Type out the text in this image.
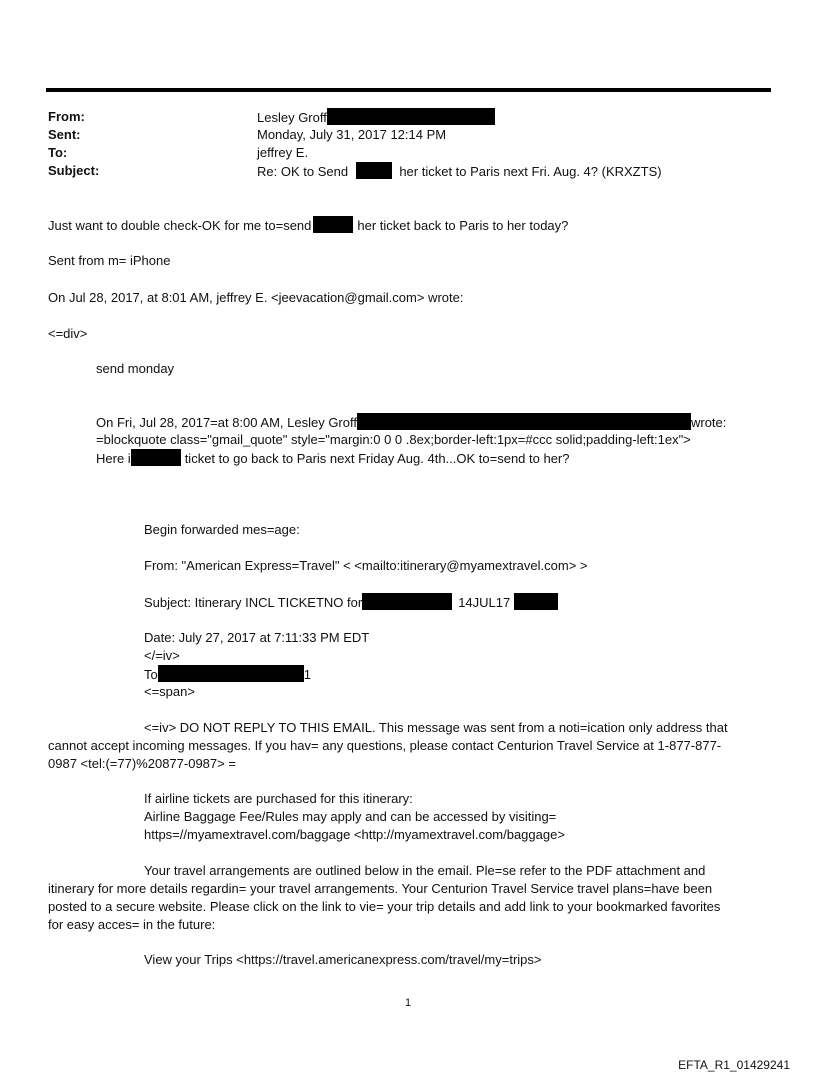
From:	Lesley Groff
Sent:	Monday, July 31, 2017 12:14 PM
To:	jeffrey E.
Subject:	Re: OK to Send	her ticket to Paris next Fri. Aug. 4? (KRXZTS)
Just want to double check-OK for me to=send	her ticket back to Paris to her today?
Sent from m= iPhone
On Jul 28, 2017, at 8:01 AM, jeffrey E. <jeevacation@gmail.com> wrote:
<=div>
send monday
On Fri, Jul 28, 2017=at 8:00 AM, Lesley Groff	wrote:
=blockquote class="gmail_quote" style="margin:0 0 0 .8ex;border-left:1px=#ccc solid;padding-left:1ex">
Here i	ticket to go back to Paris next Friday Aug. 4th...OK to=send to her?
Begin forwarded mes=age:
From: "American Express=Travel" < <mailto:itinerary@myamextravel.com> >
Subject: Itinerary INCL TICKETNO for	14JUL17
Date: July 27, 2017 at 7:11:33 PM EDT
</=iv>
To	1
<=span>
<=iv> DO NOT REPLY TO THIS EMAIL. This message was sent from a noti=ication only address that
cannot accept incoming messages. If you hav= any questions, please contact Centurion Travel Service at 1-877-877-
0987 <tel:(=77)%20877-0987> =
If airline tickets are purchased for this itinerary:
Airline Baggage Fee/Rules may apply and can be accessed by visiting=
https=//myamextravel.com/baggage <http://myamextravel.com/baggage>
Your travel arrangements are outlined below in the email. Ple=se refer to the PDF attachment and
itinerary for more details regardin= your travel arrangements. Your Centurion Travel Service travel plans=have been
posted to a secure website. Please click on the link to vie= your trip details and add link to your bookmarked favorites
for easy acces= in the future:
View your Trips <https://travel.americanexpress.com/travel/my=trips>
1
EFTA_R1_01429241
